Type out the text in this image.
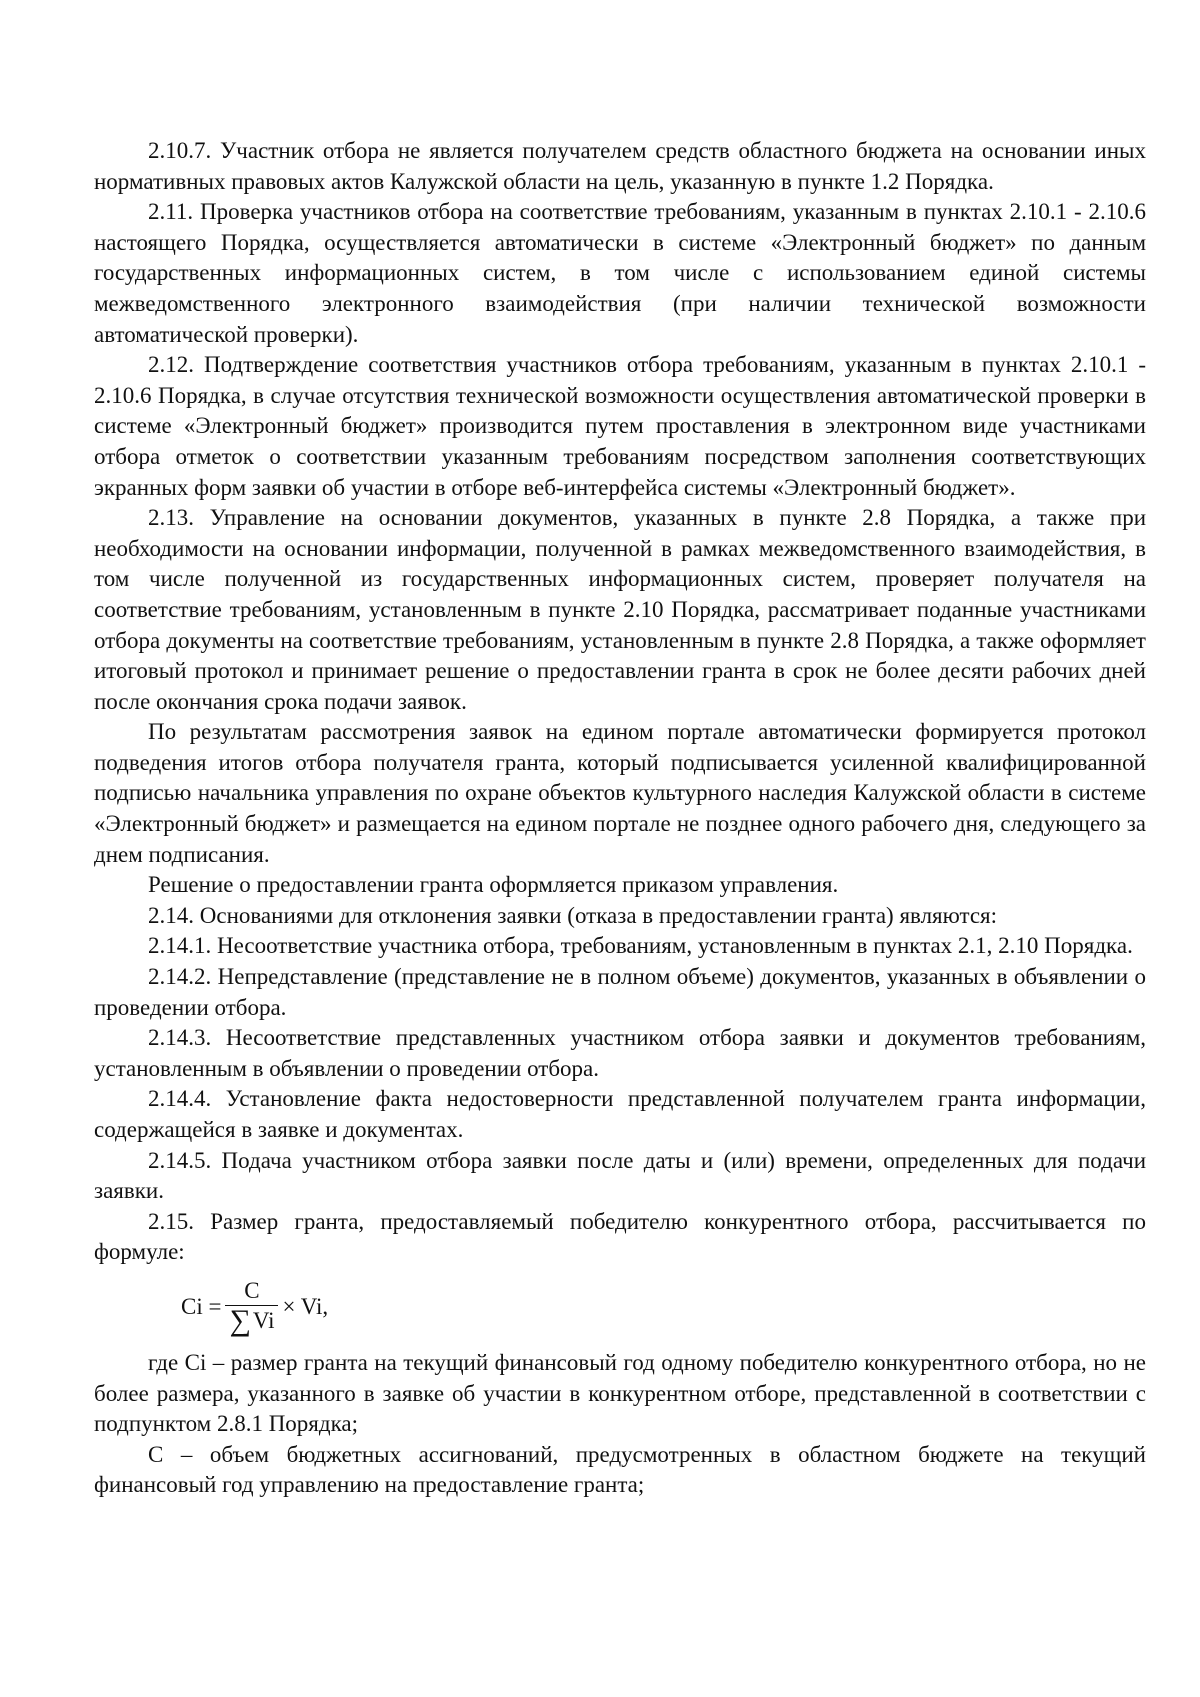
2.10.7. Участник отбора не является получателем средств областного бюджета на основании иных нормативных правовых актов Калужской области на цель, указанную в пункте 1.2 Порядка.

2.11. Проверка участников отбора на соответствие требованиям, указанным в пунктах 2.10.1 - 2.10.6 настоящего Порядка, осуществляется автоматически в системе «Электронный бюджет» по данным государственных информационных систем, в том числе с использованием единой системы межведомственного электронного взаимодействия (при наличии технической возможности автоматической проверки).

2.12. Подтверждение соответствия участников отбора требованиям, указанным в пунктах 2.10.1 - 2.10.6 Порядка, в случае отсутствия технической возможности осуществления автоматической проверки в системе «Электронный бюджет» производится путем проставления в электронном виде участниками отбора отметок о соответствии указанным требованиям посредством заполнения соответствующих экранных форм заявки об участии в отборе веб-интерфейса системы «Электронный бюджет».

2.13. Управление на основании документов, указанных в пункте 2.8 Порядка, а также при необходимости на основании информации, полученной в рамках межведомственного взаимодействия, в том числе полученной из государственных информационных систем, проверяет получателя на соответствие требованиям, установленным в пункте 2.10 Порядка, рассматривает поданные участниками отбора документы на соответствие требованиям, установленным в пункте 2.8 Порядка, а также оформляет итоговый протокол и принимает решение о предоставлении гранта в срок не более десяти рабочих дней после окончания срока подачи заявок.

По результатам рассмотрения заявок на едином портале автоматически формируется протокол подведения итогов отбора получателя гранта, который подписывается усиленной квалифицированной подписью начальника управления по охране объектов культурного наследия Калужской области в системе «Электронный бюджет» и размещается на едином портале не позднее одного рабочего дня, следующего за днем подписания.

Решение о предоставлении гранта оформляется приказом управления.

2.14. Основаниями для отклонения заявки (отказа в предоставлении гранта) являются:

2.14.1. Несоответствие участника отбора, требованиям, установленным в пунктах 2.1, 2.10 Порядка.

2.14.2. Непредставление (представление не в полном объеме) документов, указанных в объявлении о проведении отбора.

2.14.3. Несоответствие представленных участником отбора заявки и документов требованиям, установленным в объявлении о проведении отбора.

2.14.4. Установление факта недостоверности представленной получателем гранта информации, содержащейся в заявке и документах.

2.14.5. Подача участником отбора заявки после даты и (или) времени, определенных для подачи заявки.

2.15. Размер гранта, предоставляемый победителю конкурентного отбора, рассчитывается по формуле:

$Ci = \frac{C}{\sum Vi} \times Vi$,

где Ci – размер гранта на текущий финансовый год одному победителю конкурентного отбора, но не более размера, указанного в заявке об участии в конкурентном отборе, представленной в соответствии с подпунктом 2.8.1 Порядка;

С – объем бюджетных ассигнований, предусмотренных в областном бюджете на текущий финансовый год управлению на предоставление гранта;
